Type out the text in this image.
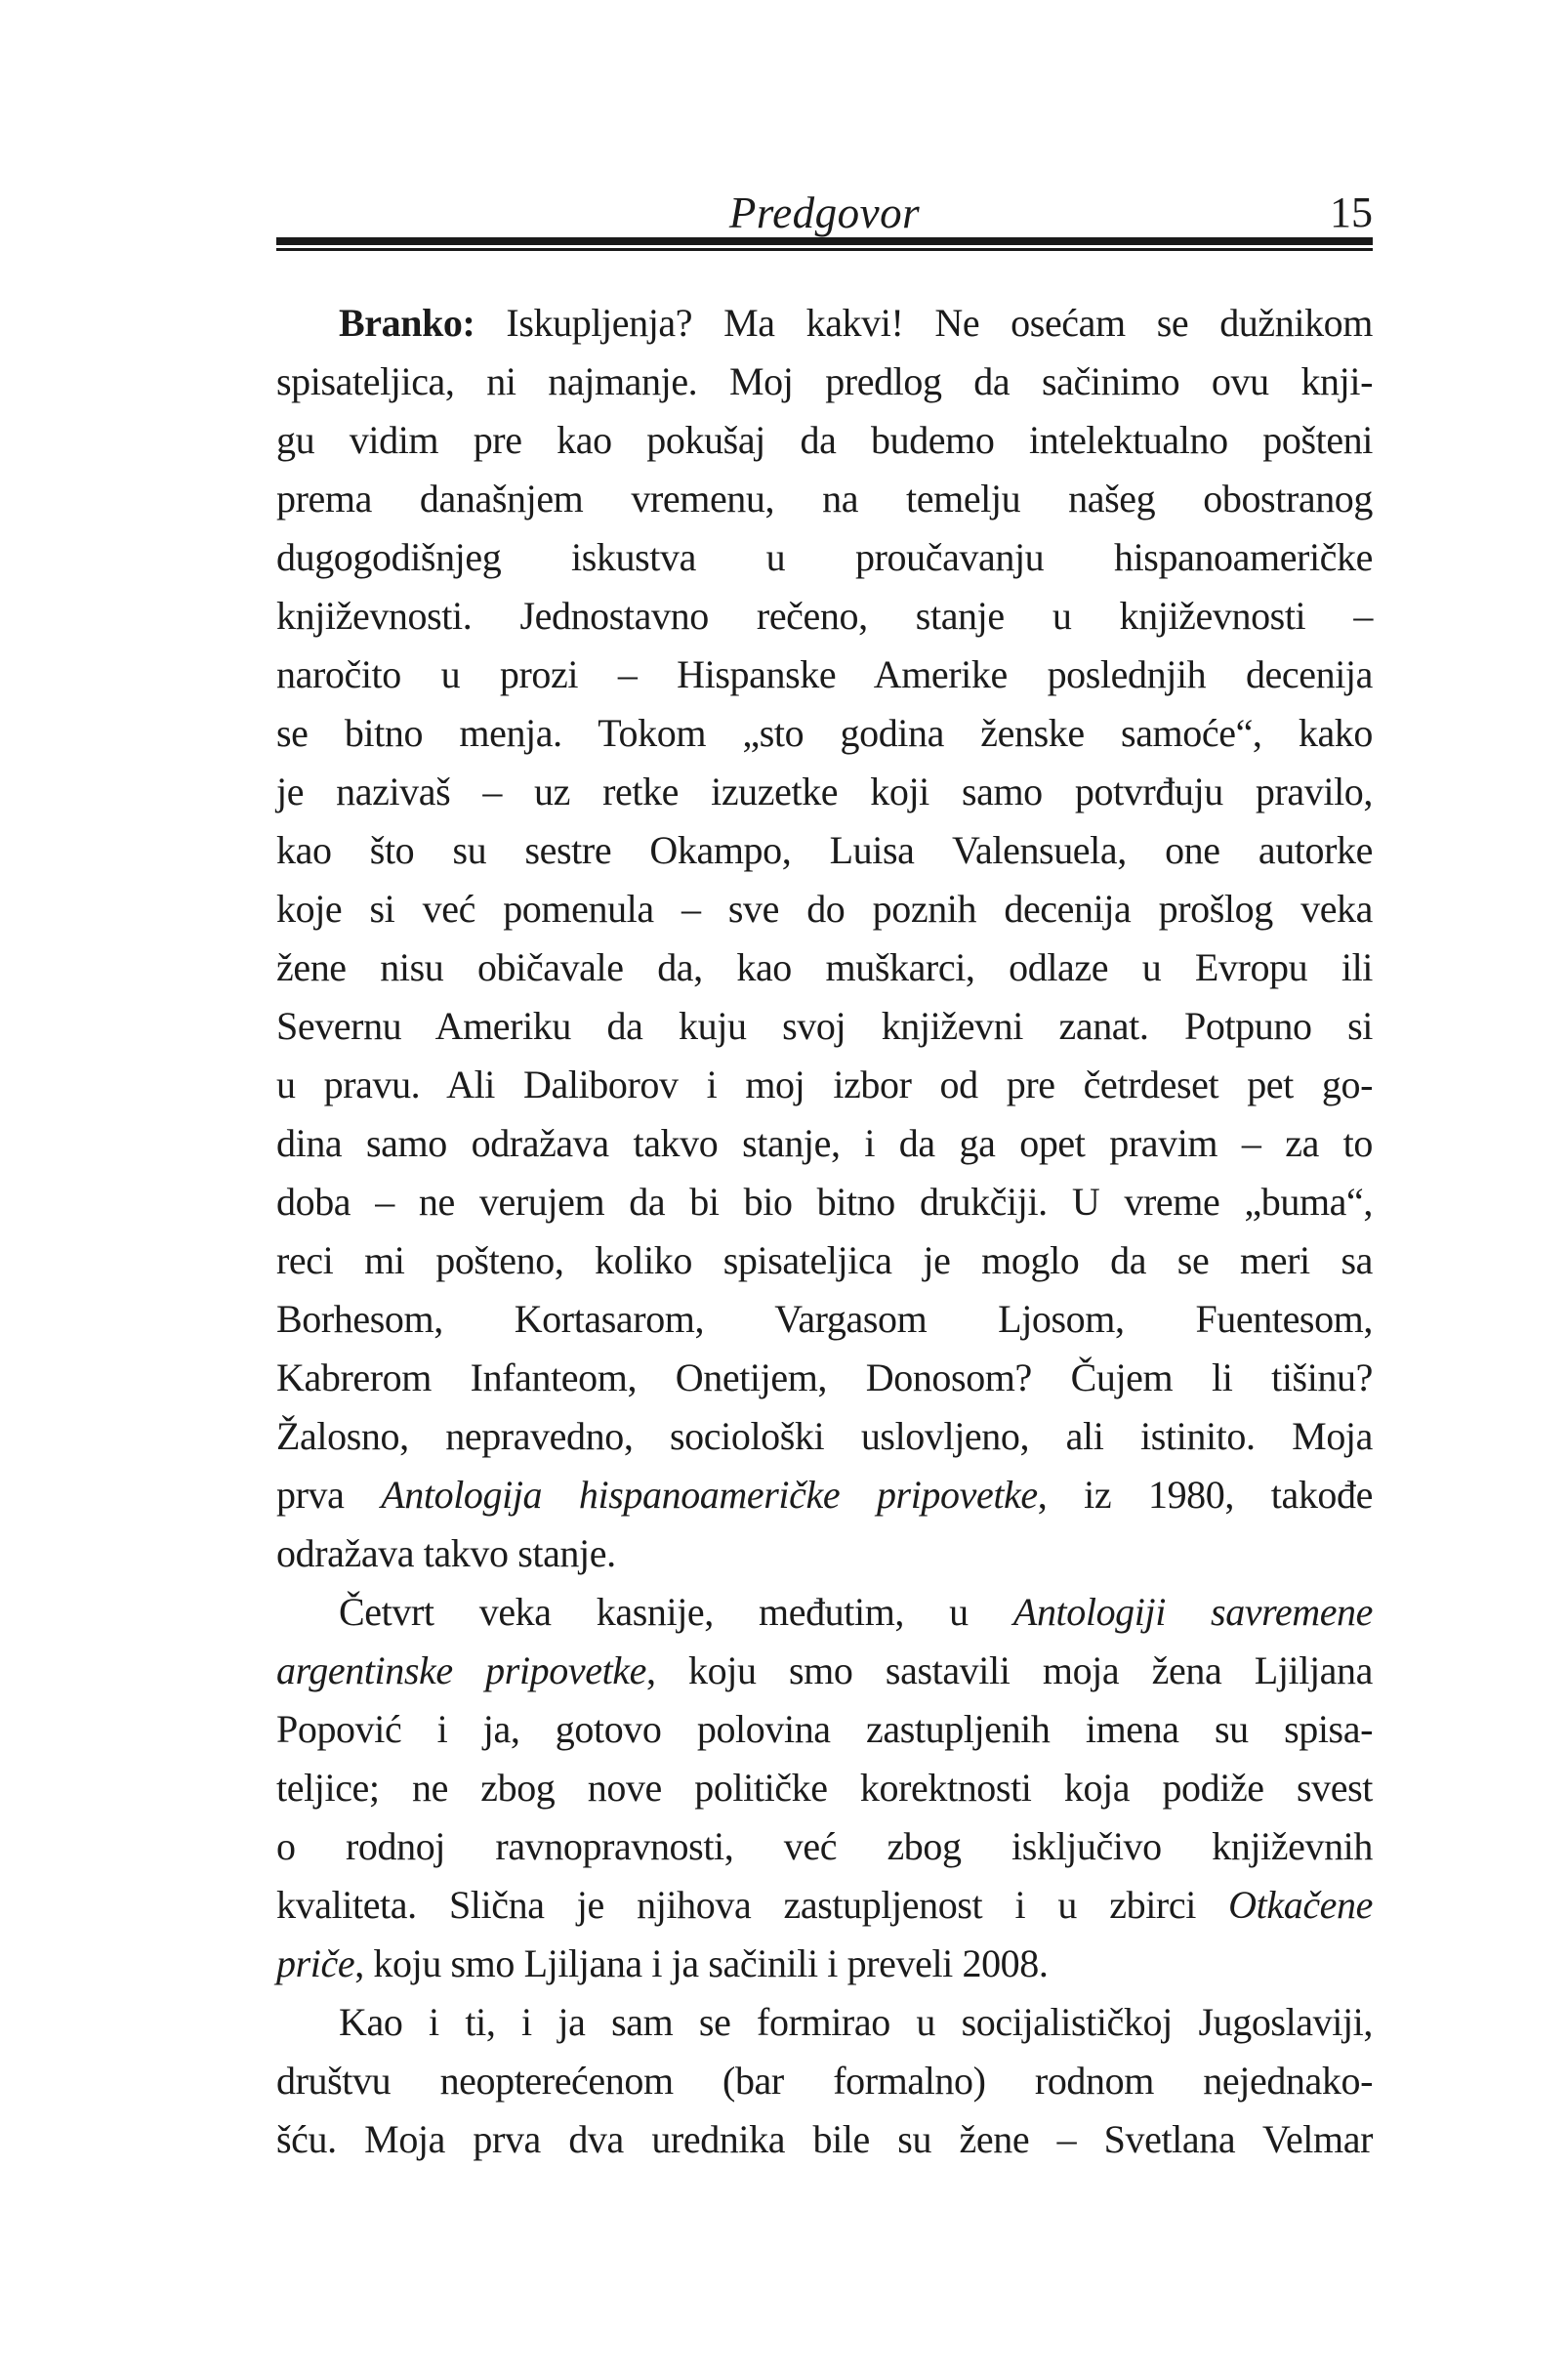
Predgovor	15
Branko: Iskupljenja? Ma kakvi! Ne osećam se dužnikom
spisateljica, ni najmanje. Moj predlog da sačinimo ovu knji-
gu vidim pre kao pokušaj da budemo intelektualno pošteni
prema današnjem vremenu, na temelju našeg obostranog
dugogodišnjeg iskustva u proučavanju hispanoameričke
književnosti. Jednostavno rečeno, stanje u književnosti –
naročito u prozi – Hispanske Amerike poslednjih decenija
se bitno menja. Tokom „sto godina ženske samoće“, kako
je nazivaš – uz retke izuzetke koji samo potvrđuju pravilo,
kao što su sestre Okampo, Luisa Valensuela, one autorke
koje si već pomenula – sve do poznih decenija prošlog veka
žene nisu običavale da, kao muškarci, odlaze u Evropu ili
Severnu Ameriku da kuju svoj književni zanat. Potpuno si
u pravu. Ali Daliborov i moj izbor od pre četrdeset pet go-
dina samo odražava takvo stanje, i da ga opet pravim – za to
doba – ne verujem da bi bio bitno drukčiji. U vreme „buma“,
reci mi pošteno, koliko spisateljica je moglo da se meri sa
Borhesom, Kortasarom, Vargasom Ljosom, Fuentesom,
Kabrerom Infanteom, Onetijem, Donosom? Čujem li tišinu?
Žalosno, nepravedno, sociološki uslovljeno, ali istinito. Moja
prva Antologija hispanoameričke pripovetke, iz 1980, takođe
odražava takvo stanje.
Četvrt veka kasnije, međutim, u Antologiji savremene
argentinske pripovetke, koju smo sastavili moja žena Ljiljana
Popović i ja, gotovo polovina zastupljenih imena su spisa-
teljice; ne zbog nove političke korektnosti koja podiže svest
o rodnoj ravnopravnosti, već zbog isključivo književnih
kvaliteta. Slična je njihova zastupljenost i u zbirci Otkačene
priče, koju smo Ljiljana i ja sačinili i preveli 2008.
Kao i ti, i ja sam se formirao u socijalističkoj Jugoslaviji,
društvu neopterećenom (bar formalno) rodnom nejednako-
šću. Moja prva dva urednika bile su žene – Svetlana Velmar
